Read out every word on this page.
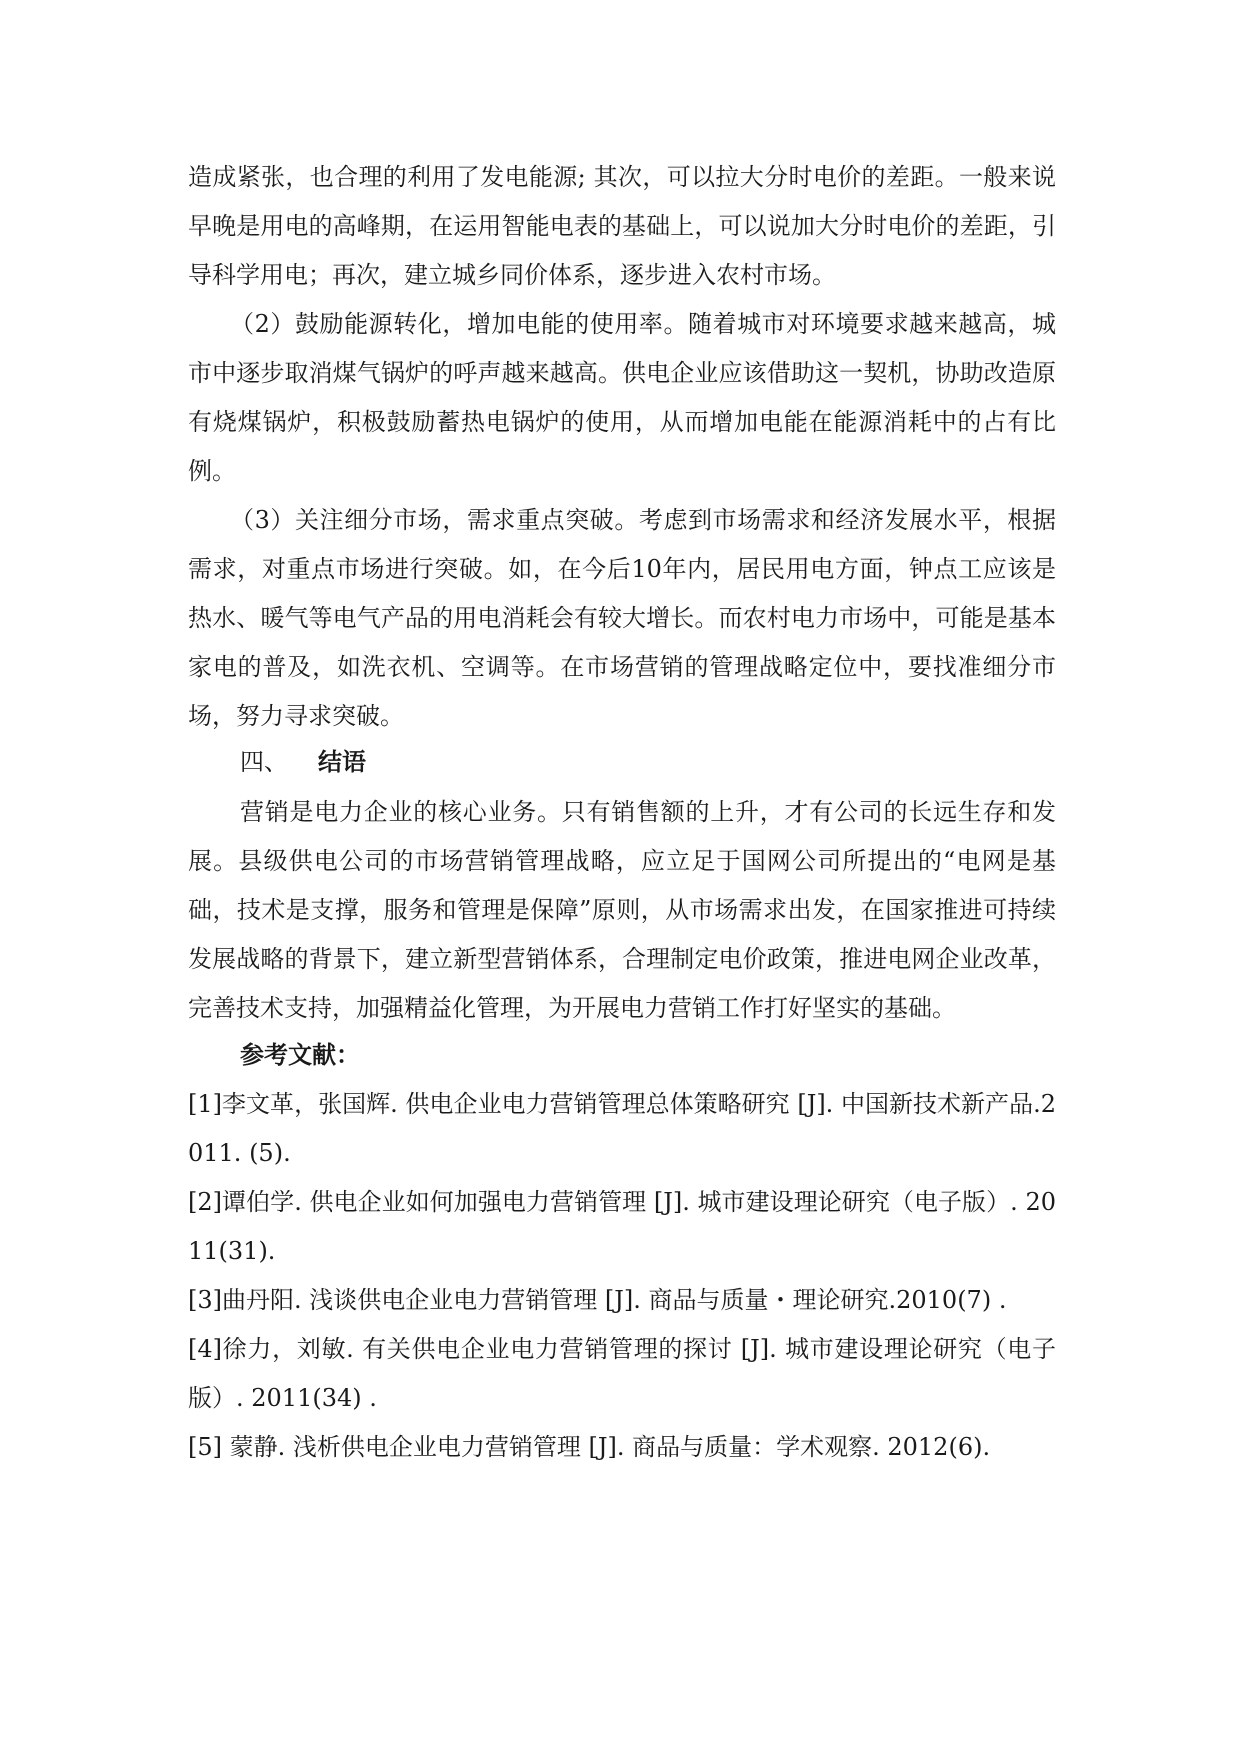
造成紧张，也合理的利用了发电能源; 其次，可以拉大分时电价的差距。一般来说早晚是用电的高峰期，在运用智能电表的基础上，可以说加大分时电价的差距，引导科学用电；再次，建立城乡同价体系，逐步进入农村市场。

（2）鼓励能源转化，增加电能的使用率。随着城市对环境要求越来越高，城市中逐步取消煤气锅炉的呼声越来越高。供电企业应该借助这一契机，协助改造原有烧煤锅炉，积极鼓励蓄热电锅炉的使用，从而增加电能在能源消耗中的占有比例。

（3）关注细分市场，需求重点突破。考虑到市场需求和经济发展水平，根据需求，对重点市场进行突破。如，在今后10年内，居民用电方面，钟点工应该是热水、暖气等电气产品的用电消耗会有较大增长。而农村电力市场中，可能是基本家电的普及，如洗衣机、空调等。在市场营销的管理战略定位中，要找准细分市场，努力寻求突破。

四、 结语

营销是电力企业的核心业务。只有销售额的上升，才有公司的长远生存和发展。县级供电公司的市场营销管理战略，应立足于国网公司所提出的“电网是基础，技术是支撑，服务和管理是保障”原则，从市场需求出发，在国家推进可持续发展战略的背景下，建立新型营销体系，合理制定电价政策，推进电网企业改革，完善技术支持，加强精益化管理，为开展电力营销工作打好坚实的基础。

参考文献：
[1]李文革，张国辉. 供电企业电力营销管理总体策略研究 [J]. 中国新技术新产品.2011. (5).
[2]谭伯学. 供电企业如何加强电力营销管理 [J]. 城市建设理论研究（电子版）. 2011(31).
[3]曲丹阳. 浅谈供电企业电力营销管理 [J]. 商品与质量・理论研究.2010(7) .
[4]徐力，刘敏. 有关供电企业电力营销管理的探讨 [J]. 城市建设理论研究（电子版）. 2011(34) .
[5] 蒙静. 浅析供电企业电力营销管理 [J]. 商品与质量：学术观察. 2012(6).
